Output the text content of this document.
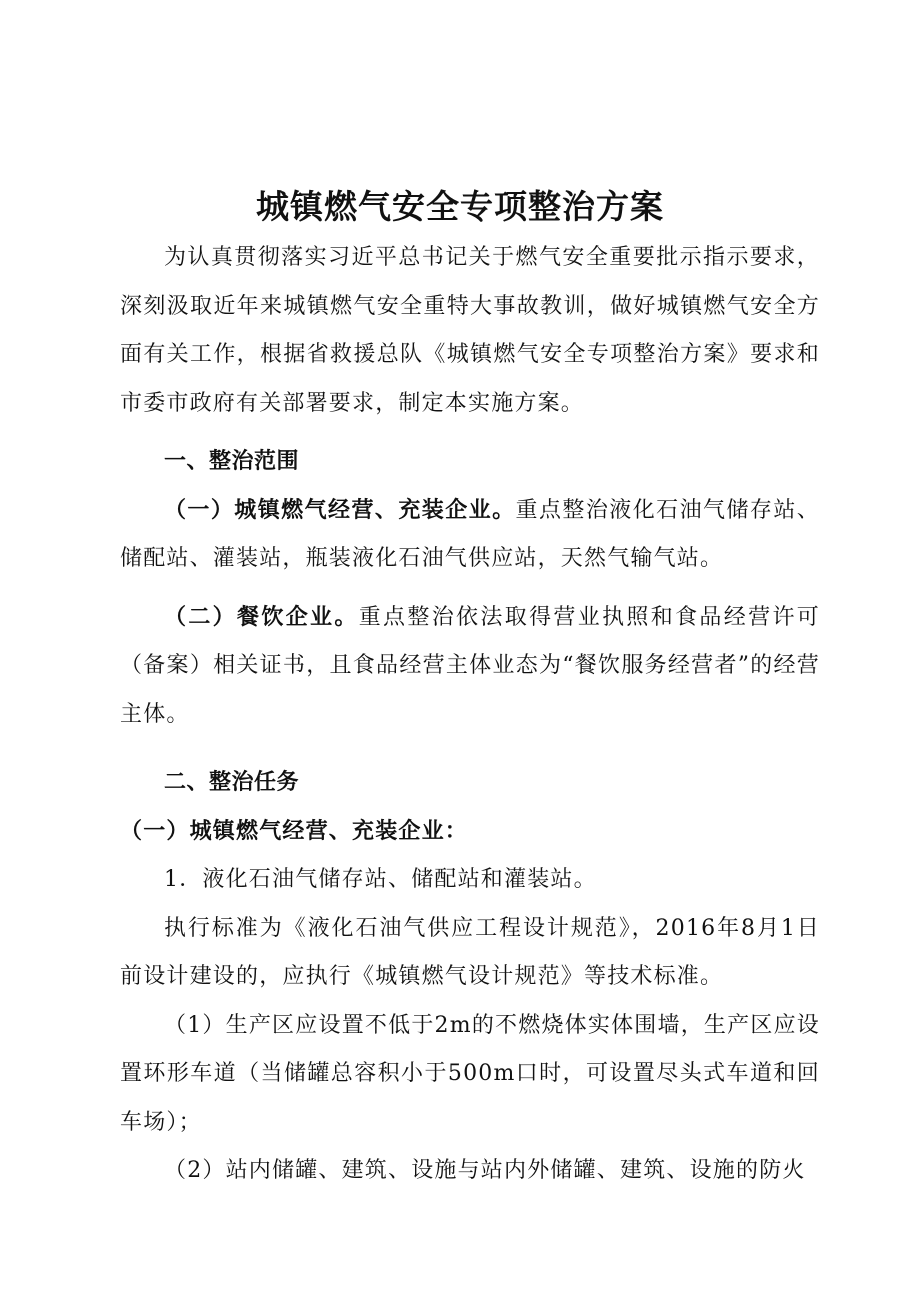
城镇燃气安全专项整治方案

为认真贯彻落实习近平总书记关于燃气安全重要批示指示要求，深刻汲取近年来城镇燃气安全重特大事故教训，做好城镇燃气安全方面有关工作，根据省救援总队《城镇燃气安全专项整治方案》要求和市委市政府有关部署要求，制定本实施方案。

一、整治范围

（一）城镇燃气经营、充装企业。重点整治液化石油气储存站、储配站、灌装站，瓶装液化石油气供应站，天然气输气站。

（二）餐饮企业。重点整治依法取得营业执照和食品经营许可（备案）相关证书，且食品经营主体业态为“餐饮服务经营者”的经营主体。

二、整治任务

（一）城镇燃气经营、充装企业：

1．液化石油气储存站、储配站和灌装站。

执行标准为《液化石油气供应工程设计规范》，2016年8月1日前设计建设的，应执行《城镇燃气设计规范》等技术标准。

（1）生产区应设置不低于2m的不燃烧体实体围墙，生产区应设置环形车道（当储罐总容积小于500m口时，可设置尽头式车道和回车场）；

（2）站内储罐、建筑、设施与站内外储罐、建筑、设施的防火
